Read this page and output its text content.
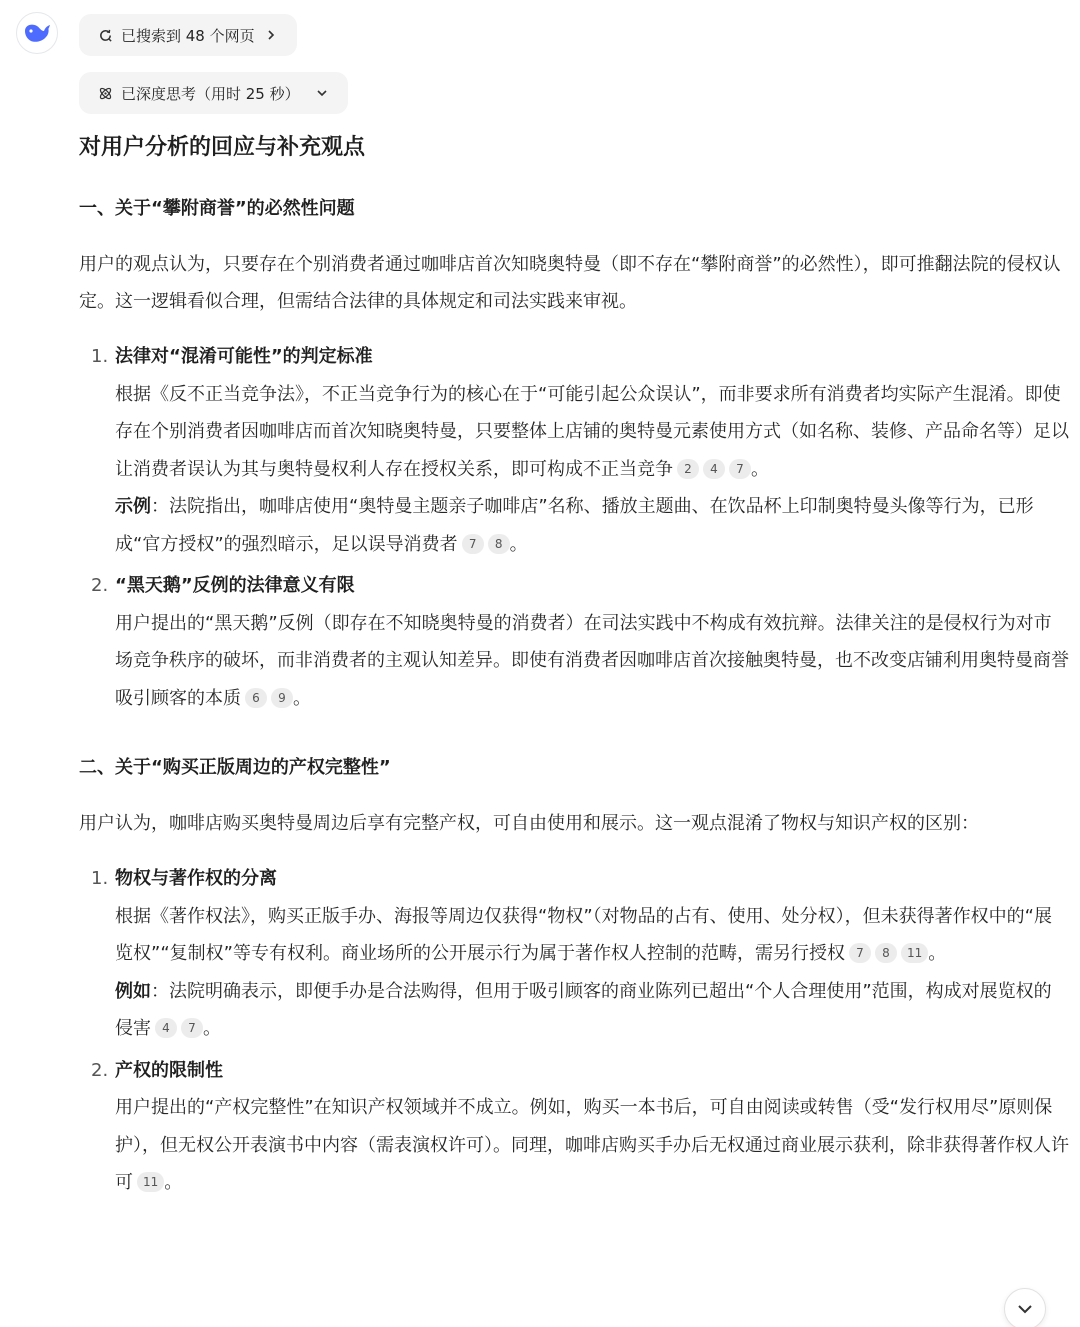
已搜索到 48 个网页
已深度思考（用时 25 秒）
对用户分析的回应与补充观点
一、关于“攀附商誉”的必然性问题

用户的观点认为，只要存在个别消费者通过咖啡店首次知晓奥特曼（即不存在“攀附商誉”的必然性），即可推翻法院的侵权认定。这一逻辑看似合理，但需结合法律的具体规定和司法实践来审视。

1. 法律对“混淆可能性”的判定标准
根据《反不正当竞争法》，不正当竞争行为的核心在于“可能引起公众误认”，而非要求所有消费者均实际产生混淆。即使存在个别消费者因咖啡店而首次知晓奥特曼，只要整体上店铺的奥特曼元素使用方式（如名称、装修、产品命名等）足以让消费者误认为其与奥特曼权利人存在授权关系，即可构成不正当竞争 2 4 7 。
示例：法院指出，咖啡店使用“奥特曼主题亲子咖啡店”名称、播放主题曲、在饮品杯上印制奥特曼头像等行为，已形成“官方授权”的强烈暗示，足以误导消费者 7 8 。
2. “黑天鹅”反例的法律意义有限
用户提出的“黑天鹅”反例（即存在不知晓奥特曼的消费者）在司法实践中不构成有效抗辩。法律关注的是侵权行为对市场竞争秩序的破坏，而非消费者的主观认知差异。即使有消费者因咖啡店首次接触奥特曼，也不改变店铺利用奥特曼商誉吸引顾客的本质 6 9 。
二、关于“购买正版周边的产权完整性”

用户认为，咖啡店购买奥特曼周边后享有完整产权，可自由使用和展示。这一观点混淆了物权与知识产权的区别：

1. 物权与著作权的分离
根据《著作权法》，购买正版手办、海报等周边仅获得“物权”（对物品的占有、使用、处分权），但未获得著作权中的“展览权”“复制权”等专有权利。商业场所的公开展示行为属于著作权人控制的范畴，需另行授权 7 8 11 。
例如：法院明确表示，即便手办是合法购得，但用于吸引顾客的商业陈列已超出“个人合理使用”范围，构成对展览权的侵害 4 7 。
2. 产权的限制性
用户提出的“产权完整性”在知识产权领域并不成立。例如，购买一本书后，可自由阅读或转售（受“发行权用尽”原则保护），但无权公开表演书中内容（需表演权许可）。同理，咖啡店购买手办后无权通过商业展示获利，除非获得著作权人许可 11 。
